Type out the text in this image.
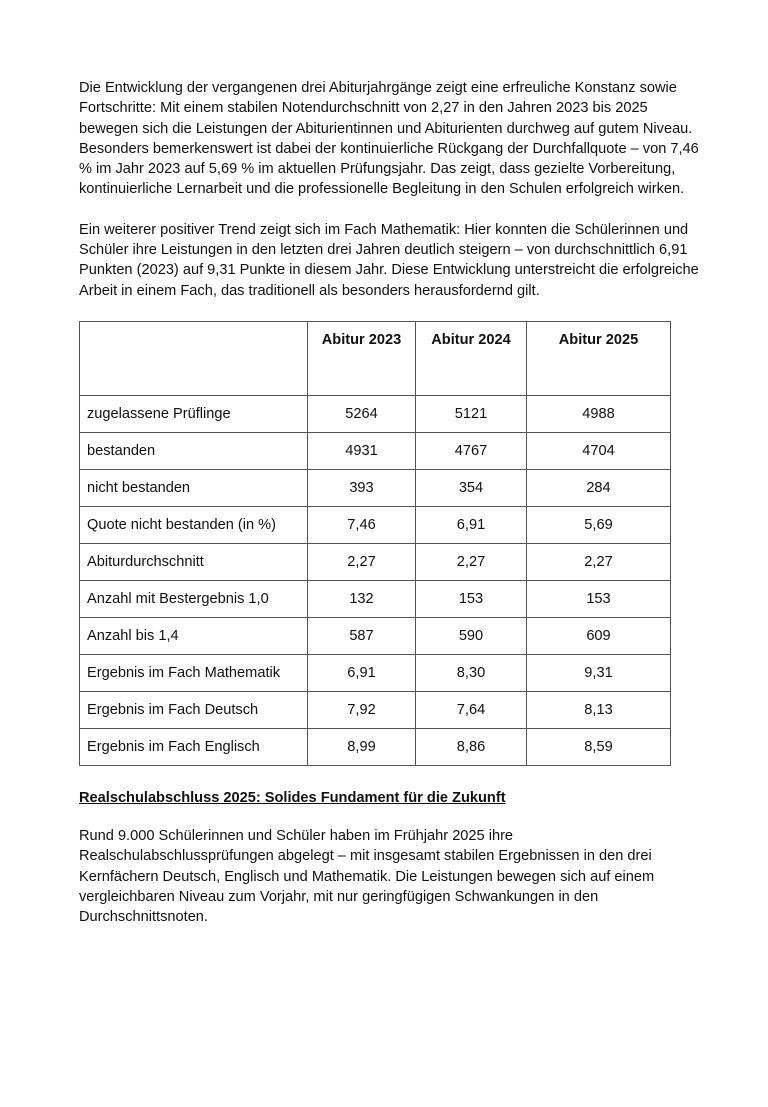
Die Entwicklung der vergangenen drei Abiturjahrgänge zeigt eine erfreuliche Konstanz sowie Fortschritte: Mit einem stabilen Notendurchschnitt von 2,27 in den Jahren 2023 bis 2025 bewegen sich die Leistungen der Abiturientinnen und Abiturienten durchweg auf gutem Niveau. Besonders bemerkenswert ist dabei der kontinuierliche Rückgang der Durchfallquote – von 7,46 % im Jahr 2023 auf 5,69 % im aktuellen Prüfungsjahr. Das zeigt, dass gezielte Vorbereitung, kontinuierliche Lernarbeit und die professionelle Begleitung in den Schulen erfolgreich wirken.

Ein weiterer positiver Trend zeigt sich im Fach Mathematik: Hier konnten die Schülerinnen und Schüler ihre Leistungen in den letzten drei Jahren deutlich steigern – von durchschnittlich 6,91 Punkten (2023) auf 9,31 Punkte in diesem Jahr. Diese Entwicklung unterstreicht die erfolgreiche Arbeit in einem Fach, das traditionell als besonders herausfordernd gilt.

	Abitur 2023	Abitur 2024	Abitur 2025
zugelassene Prüflinge	5264	5121	4988
bestanden	4931	4767	4704
nicht bestanden	393	354	284
Quote nicht bestanden (in %)	7,46	6,91	5,69
Abiturdurchschnitt	2,27	2,27	2,27
Anzahl mit Bestergebnis 1,0	132	153	153
Anzahl bis 1,4	587	590	609
Ergebnis im Fach Mathematik	6,91	8,30	9,31
Ergebnis im Fach Deutsch	7,92	7,64	8,13
Ergebnis im Fach Englisch	8,99	8,86	8,59
Realschulabschluss 2025: Solides Fundament für die Zukunft

Rund 9.000 Schülerinnen und Schüler haben im Frühjahr 2025 ihre Realschulabschlussprüfungen abgelegt – mit insgesamt stabilen Ergebnissen in den drei Kernfächern Deutsch, Englisch und Mathematik. Die Leistungen bewegen sich auf einem vergleichbaren Niveau zum Vorjahr, mit nur geringfügigen Schwankungen in den Durchschnittsnoten.
